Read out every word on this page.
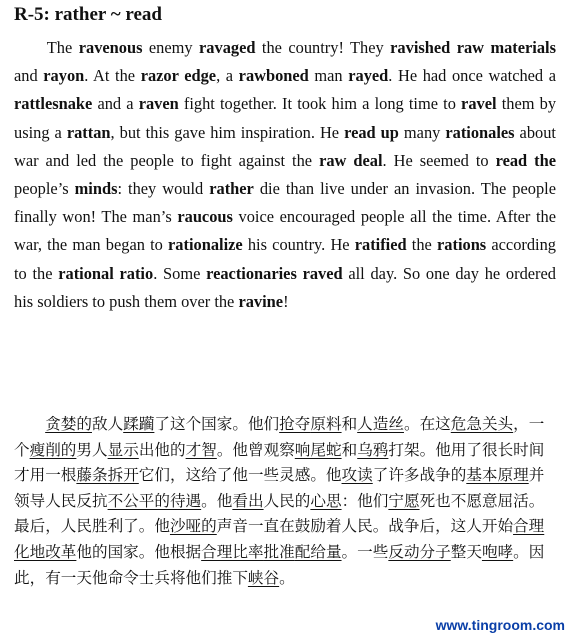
R-5: rather ~ read

The ravenous enemy ravaged the country! They ravished raw materials and rayon. At the razor edge, a rawboned man rayed. He had once watched a rattlesnake and a raven fight together. It took him a long time to ravel them by using a rattan, but this gave him inspiration. He read up many rationales about war and led the people to fight against the raw deal. He seemed to read the people’s minds: they would rather die than live under an invasion. The people finally won! The man’s raucous voice encouraged people all the time. After the war, the man began to rationalize his country. He ratified the rations according to the rational ratio. Some reactionaries raved all day. So one day he ordered his soldiers to push them over the ravine!

贪婪的敌人蹂躏了这个国家。他们抢夺原料和人造丝。在这危急关头，一个瘦削的男人显示出他的才智。他曾观察响尾蛇和乌鸦打架。他用了很长时间才用一根藤条拆开它们，这给了他一些灵感。他攻读了许多战争的基本原理并领导人民反抗不公平的待遇。他看出人民的心思：他们宁愿死也不愿意屈活。最后，人民胜利了。他沙哑的声音一直在鼓励着人民。战争后，这人开始合理化地改革他的国家。他根据合理比率批准配给量。一些反动分子整天咆哮。因此，有一天他命令士兵将他们推下峡谷。

www.tingroom.com
